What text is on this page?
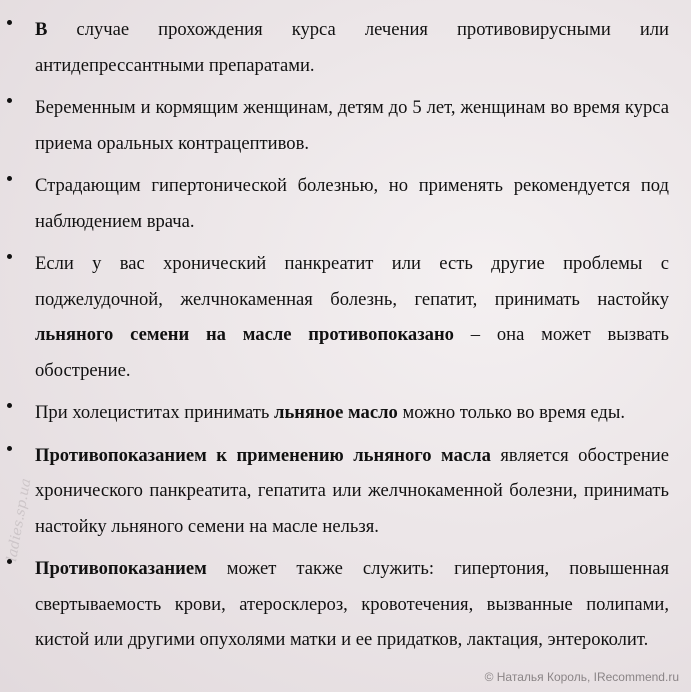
В случае прохождения курса лечения противовирусными или антидепрессантными препаратами.
Беременным и кормящим женщинам, детям до 5 лет, женщинам во время курса приема оральных контрацептивов.
Страдающим гипертонической болезнью, но применять рекомендуется под наблюдением врача.
Если у вас хронический панкреатит или есть другие проблемы с поджелудочной, желчнокаменная болезнь, гепатит, принимать настойку льняного семени на масле противопоказано – она может вызвать обострение.
При холециститах принимать льняное масло можно только во время еды.
Противопоказанием к применению льняного масла является обострение хронического панкреатита, гепатита или желчнокаменной болезни, принимать настойку льняного семени на масле нельзя.
Противопоказанием может также служить: гипертония, повышенная свертываемость крови, атеросклероз, кровотечения, вызванные полипами, кистой или другими опухолями матки и ее придатков, лактация, энтероколит.
ladies.sp.ua
© Наталья Король, IRecommend.ru
